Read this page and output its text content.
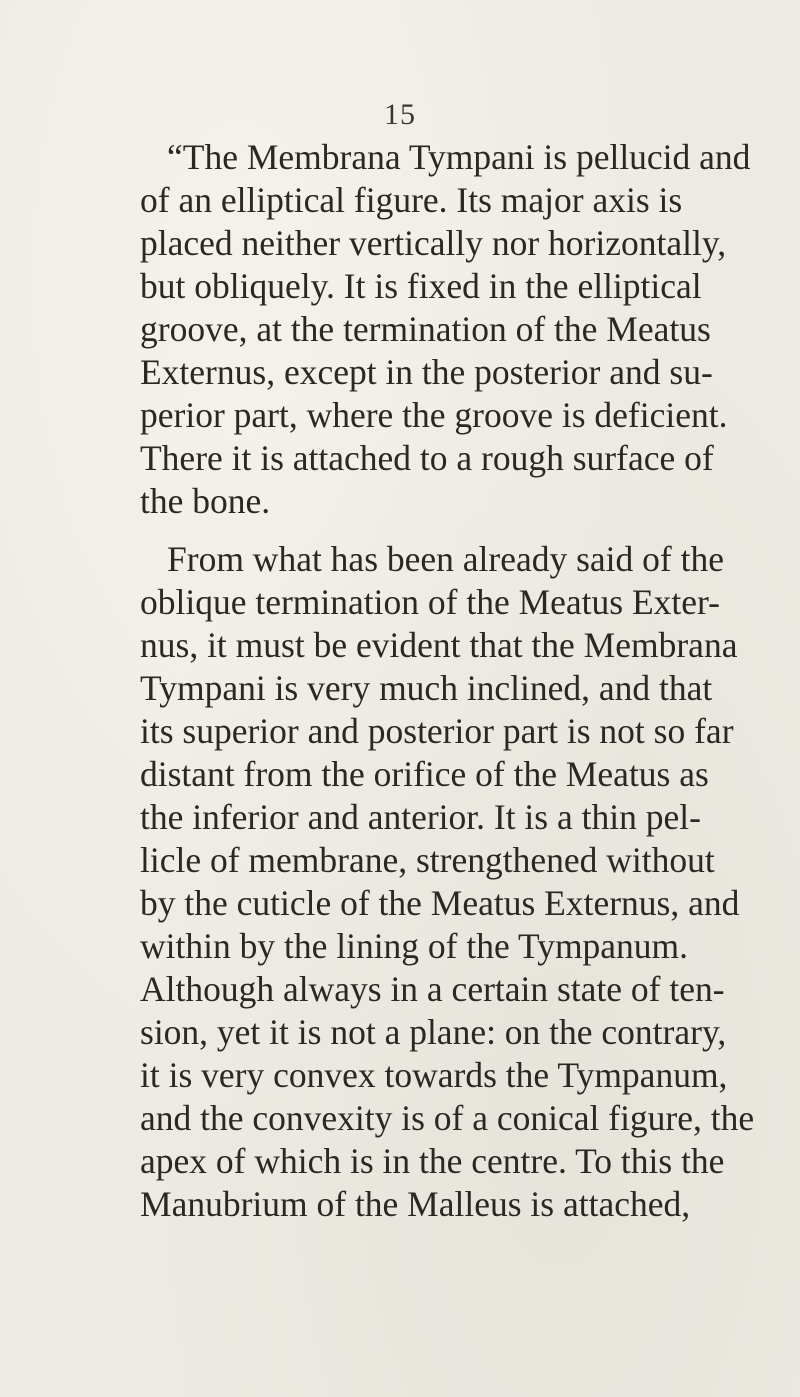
15
“The Membrana Tympani is pellucid and
of an elliptical figure. Its major axis is
placed neither vertically nor horizontally,
but obliquely. It is fixed in the elliptical
groove, at the termination of the Meatus
Externus, except in the posterior and su-
perior part, where the groove is deficient.
There it is attached to a rough surface of
the bone.
From what has been already said of the
oblique termination of the Meatus Exter-
nus, it must be evident that the Membrana
Tympani is very much inclined, and that
its superior and posterior part is not so far
distant from the orifice of the Meatus as
the inferior and anterior. It is a thin pel-
licle of membrane, strengthened without
by the cuticle of the Meatus Externus, and
within by the lining of the Tympanum.
Although always in a certain state of ten-
sion, yet it is not a plane: on the contrary,
it is very convex towards the Tympanum,
and the convexity is of a conical figure, the
apex of which is in the centre. To this the
Manubrium of the Malleus is attached,
